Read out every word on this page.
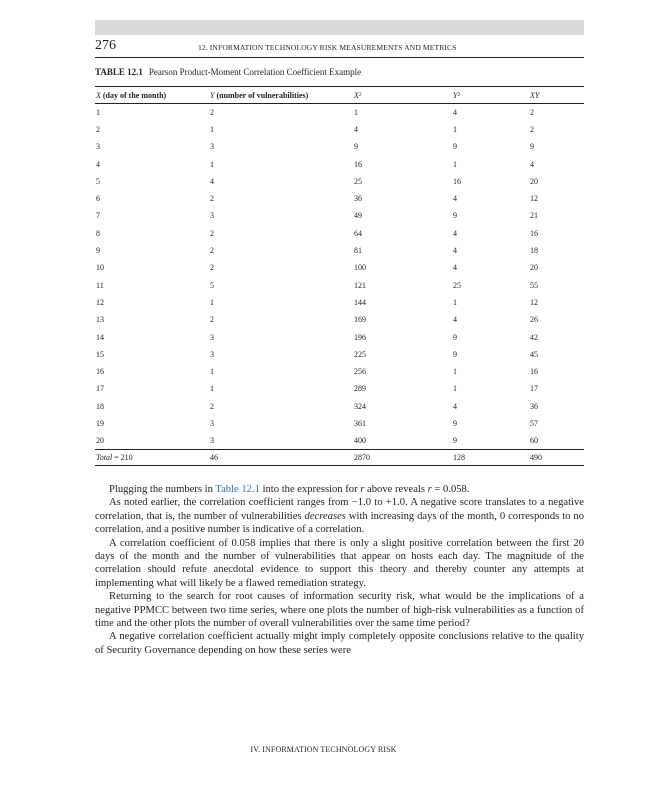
276	12. INFORMATION TECHNOLOGY RISK MEASUREMENTS AND METRICS
TABLE 12.1 Pearson Product-Moment Correlation Coefficient Example
X (day of the month)	Y (number of vulnerabilities)	X²	Y²	XY
1	2	1	4	2
2	1	4	1	2
3	3	9	9	9
4	1	16	1	4
5	4	25	16	20
6	2	36	4	12
7	3	49	9	21
8	2	64	4	16
9	2	81	4	18
10	2	100	4	20
11	5	121	25	55
12	1	144	1	12
13	2	169	4	26
14	3	196	9	42
15	3	225	9	45
16	1	256	1	16
17	1	289	1	17
18	2	324	4	36
19	3	361	9	57
20	3	400	9	60
Total = 210	46	2870	128	490

Plugging the numbers in Table 12.1 into the expression for r above reveals r = 0.058.

As noted earlier, the correlation coefficient ranges from −1.0 to +1.0. A negative score translates to a negative correlation, that is, the number of vulnerabilities decreases with increasing days of the month, 0 corresponds to no correlation, and a positive number is indicative of a correlation.

A correlation coefficient of 0.058 implies that there is only a slight positive correlation between the first 20 days of the month and the number of vulnerabilities that appear on hosts each day. The magnitude of the correlation should refute anecdotal evidence to support this theory and thereby counter any attempts at implementing what will likely be a flawed remediation strategy.

Returning to the search for root causes of information security risk, what would be the implications of a negative PPMCC between two time series, where one plots the number of high-risk vulnerabilities as a function of time and the other plots the number of overall vulnerabilities over the same time period?

A negative correlation coefficient actually might imply completely opposite conclusions relative to the quality of Security Governance depending on how these series were

IV. INFORMATION TECHNOLOGY RISK
